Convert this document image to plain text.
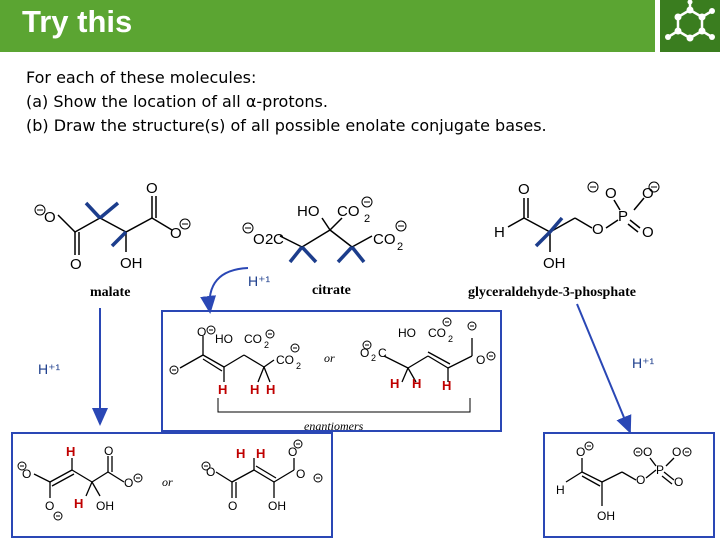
Try this
For each of these molecules:
(a) Show the location of all α-protons.
(b) Draw the structure(s) of all possible enolate conjugate bases.
O
O
O
O
OH
malate
HO CO 2
O 2 C	CO 2
citrate
O
H
OH
O
P
O O
O
glyceraldehyde-3-phosphate
H⁺¹
H⁺¹	H⁺¹
O HO CO 2
CO 2
HO CO 2
O 2 C	O
H H H	H H H
or
enantiomers
O
O
O
O
OH
O
O
O
O
OH
H
H
H H
or
O
H
OH
O
P
O O
O
